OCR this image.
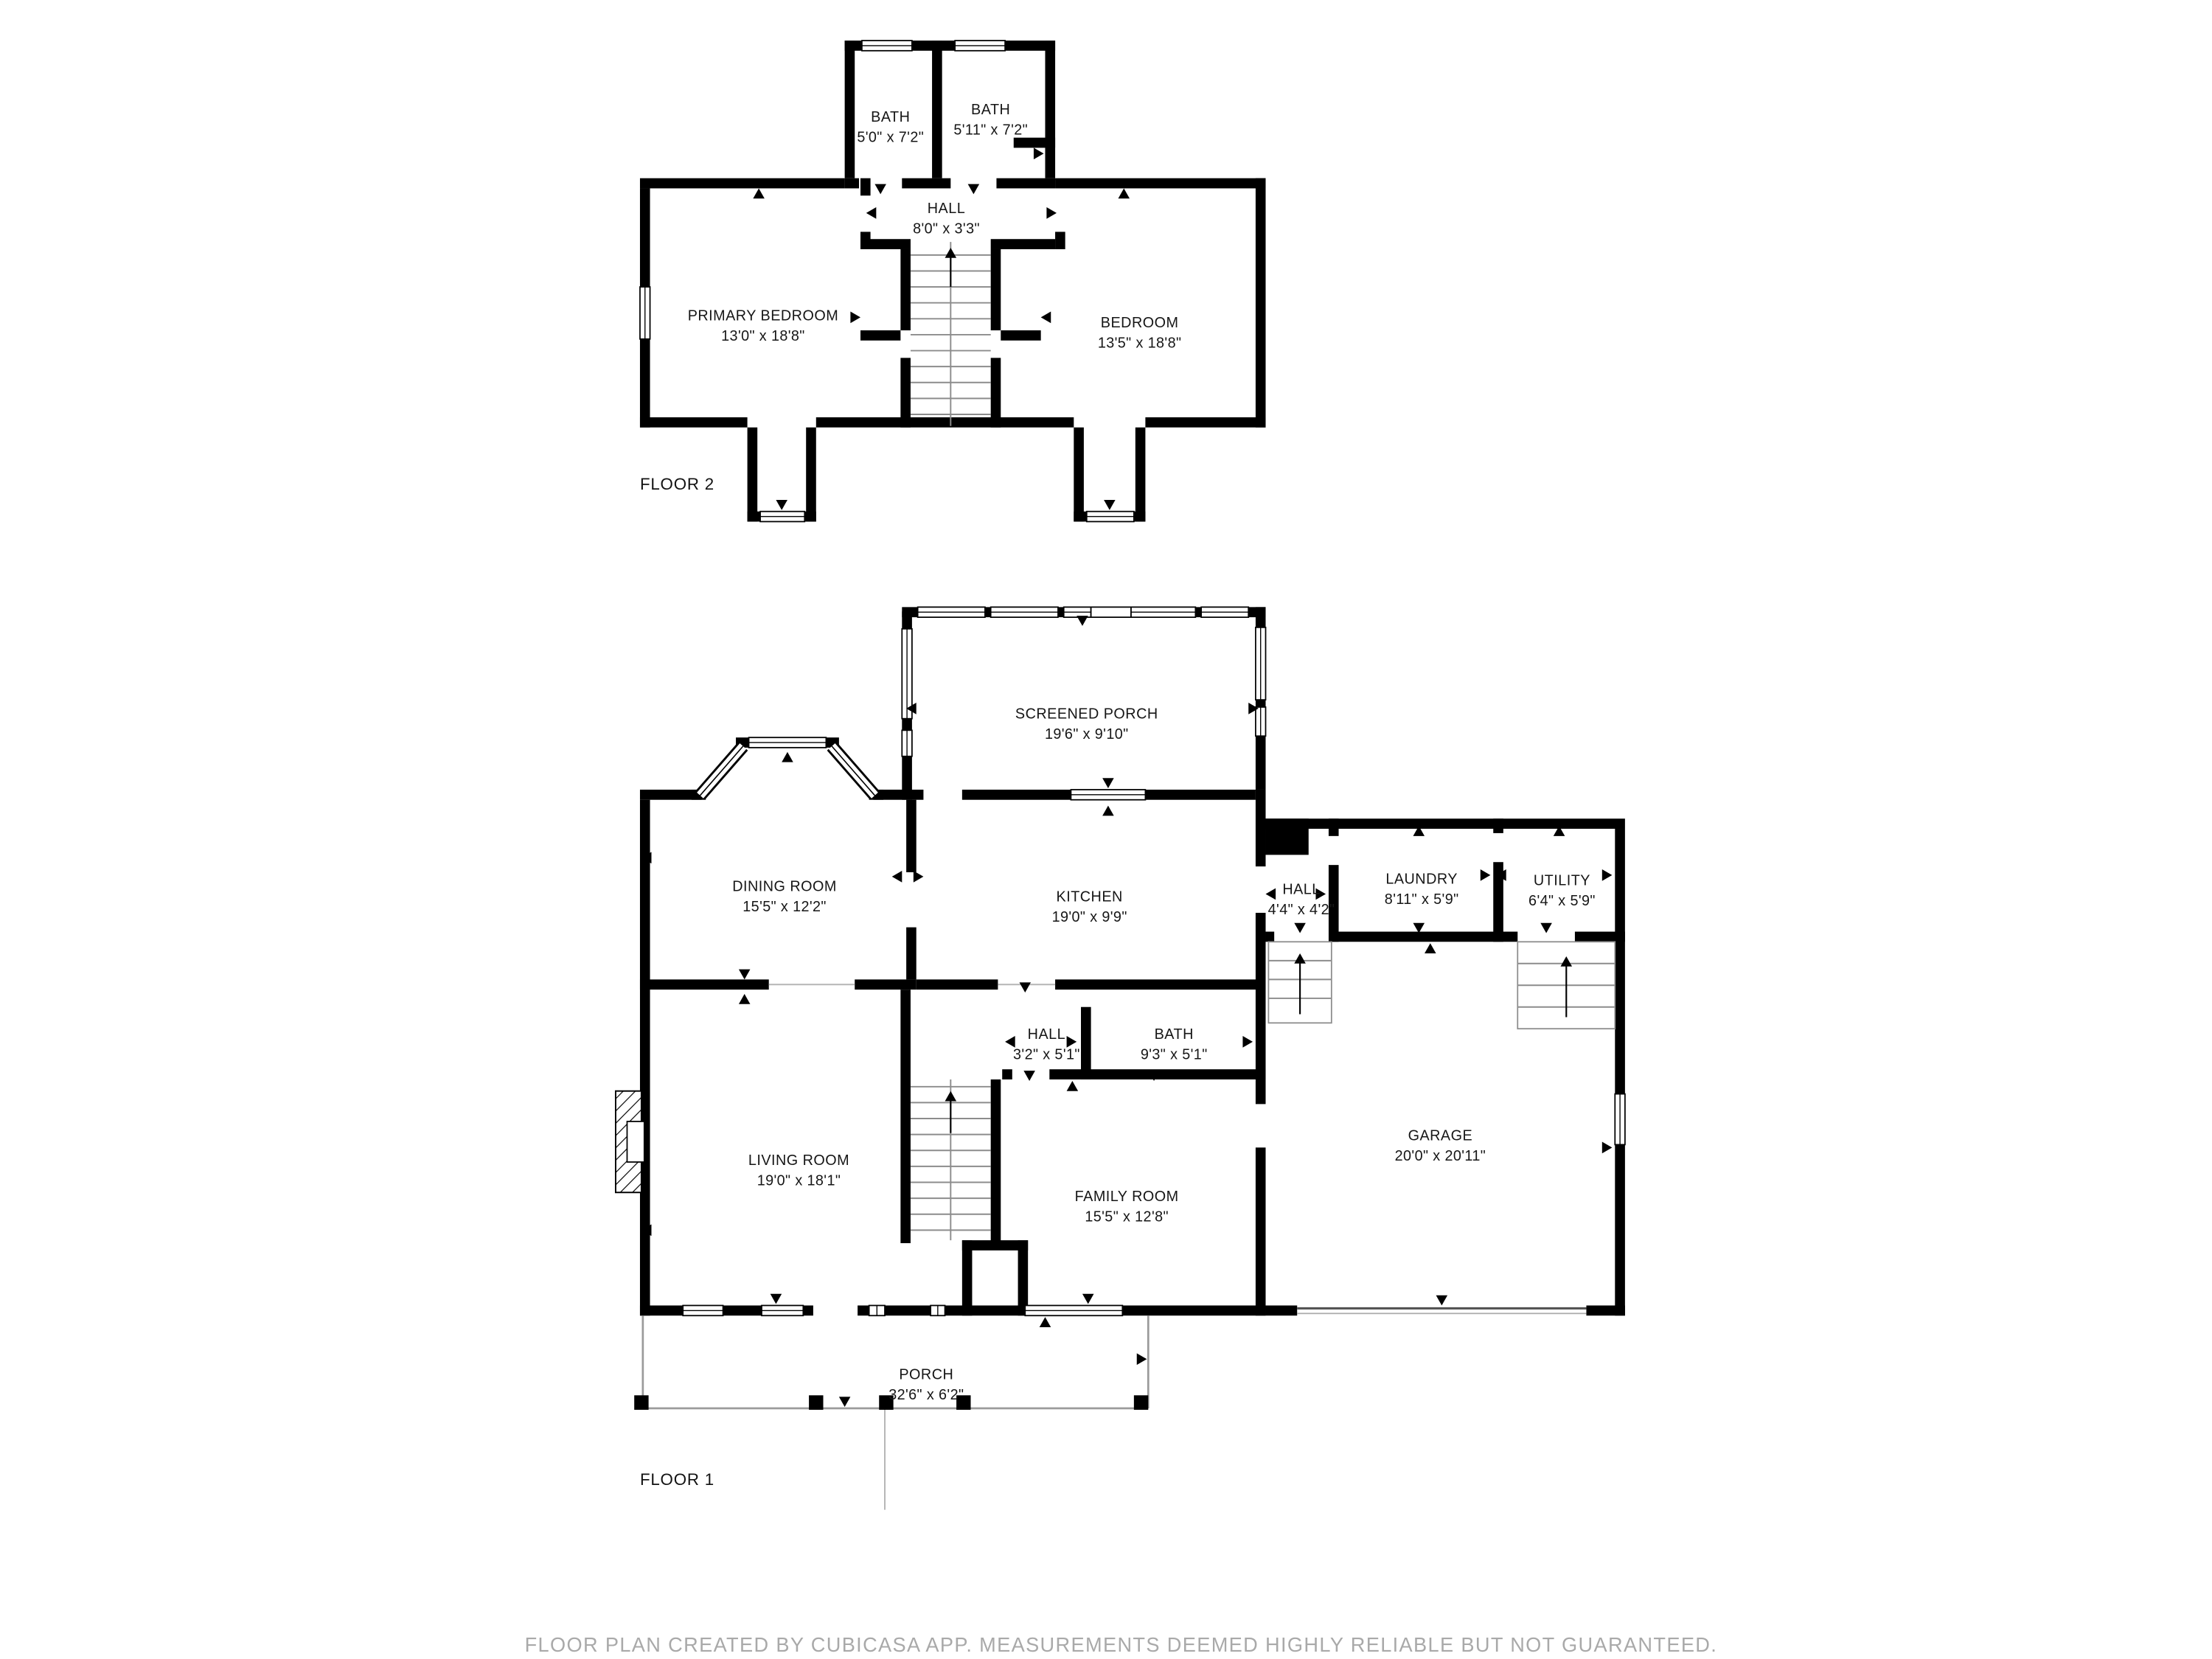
BATH
5'0" x 7'2"
BATH
5'11" x 7'2"
HALL
8'0" x 3'3"
PRIMARY BEDROOM
13'0" x 18'8"
BEDROOM
13'5" x 18'8"
FLOOR 2
SCREENED PORCH
19'6" x 9'10"
DINING ROOM
15'5" x 12'2"
KITCHEN
19'0" x 9'9"
HALL
4'4" x 4'2"
LAUNDRY
8'11" x 5'9"
UTILITY
6'4" x 5'9"
HALL
3'2" x 5'1"
BATH
9'3" x 5'1"
LIVING ROOM
19'0" x 18'1"
FAMILY ROOM
15'5" x 12'8"
GARAGE
20'0" x 20'11"
PORCH
32'6" x 6'2"
FLOOR 1
FLOOR PLAN CREATED BY CUBICASA APP. MEASUREMENTS DEEMED HIGHLY RELIABLE BUT NOT GUARANTEED.
